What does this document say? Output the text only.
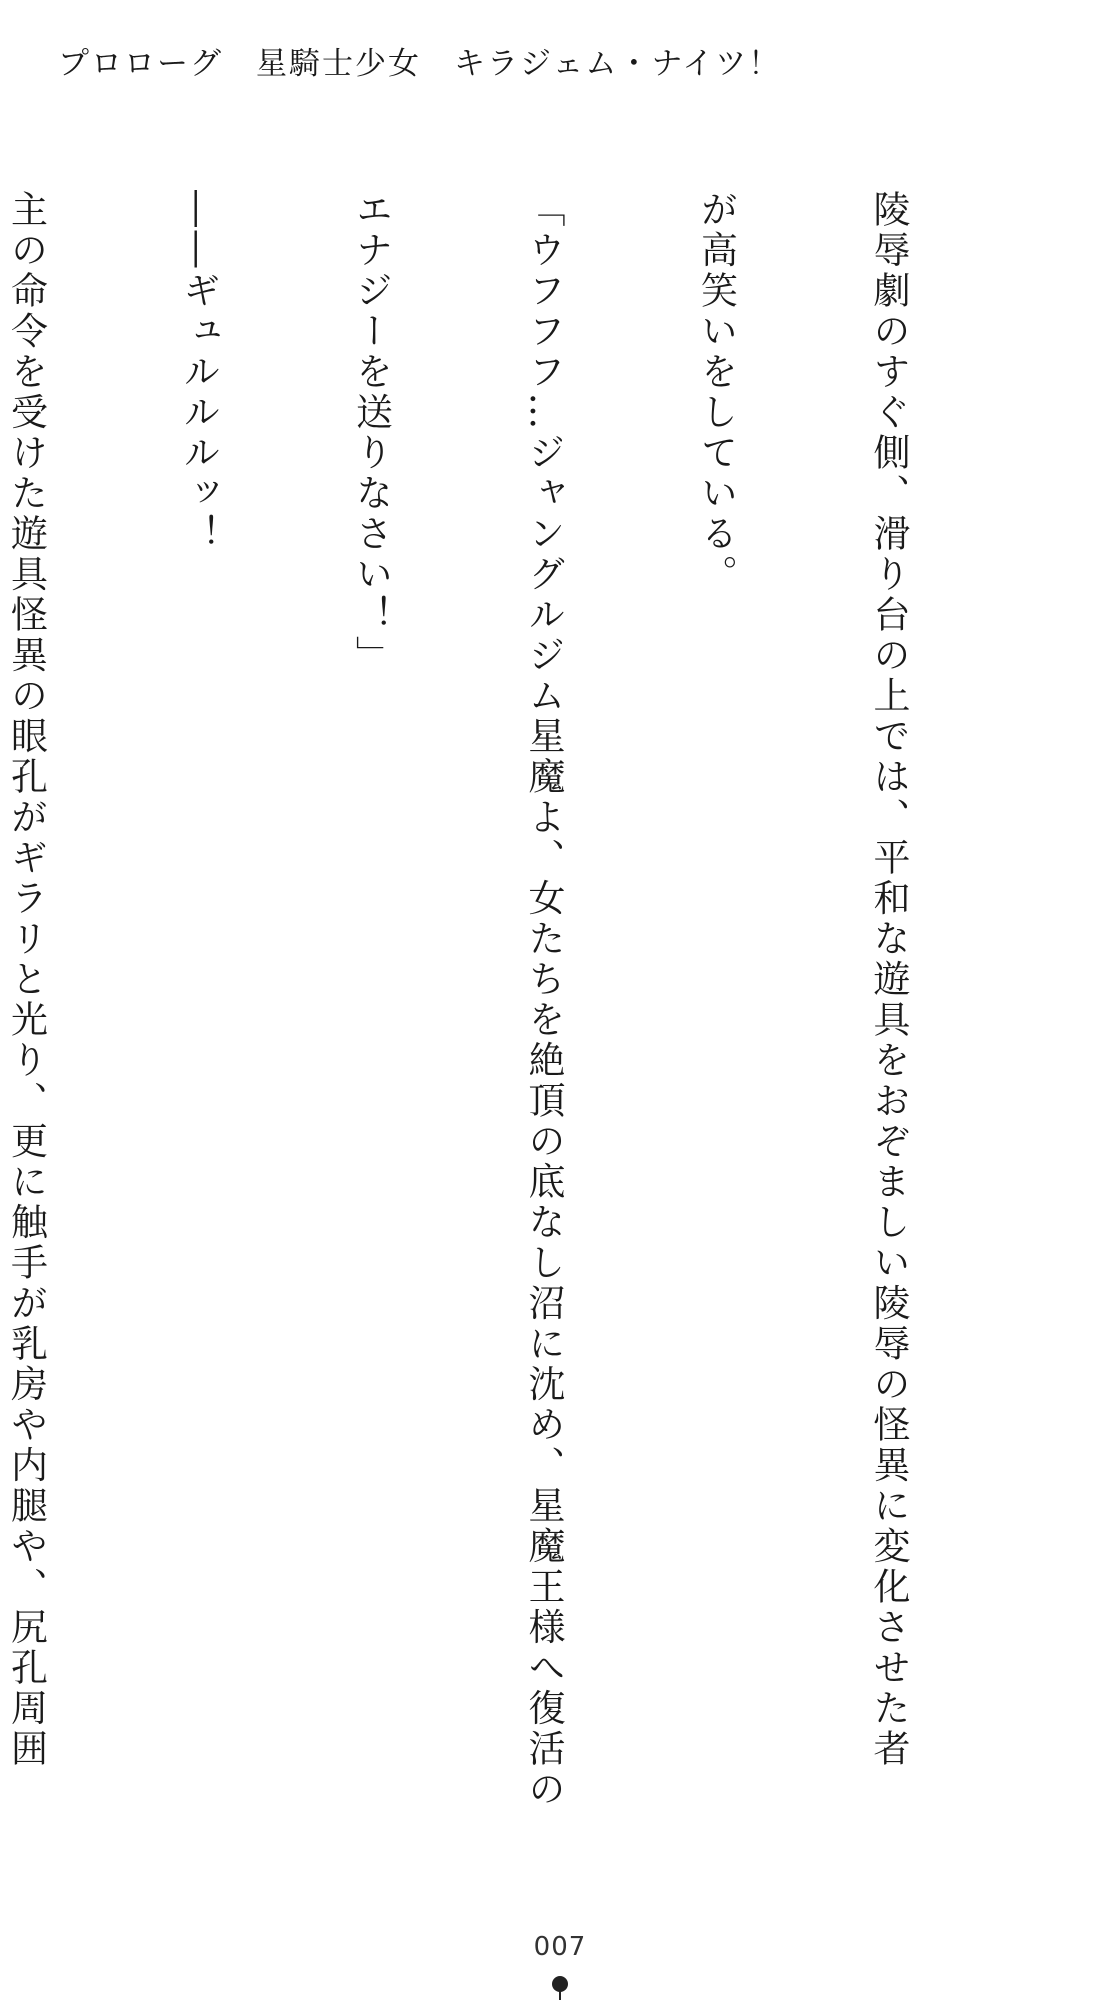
プロローグ　星騎士少女　キラジェム・ナイツ！

陵辱劇のすぐ側、滑り台の上では、平和な遊具をおぞましい陵辱の怪異に変化させた者

が高笑いをしている。

「ウフフフ…ジャングルジム星魔よ、女たちを絶頂の底なし沼に沈め、星魔王様へ復活の

エナジーを送りなさい！」

――ギュルルルッ！

主の命令を受けた遊具怪異の眼孔がギラリと光り、更に触手が乳房や内腿や、尻孔周囲

007
